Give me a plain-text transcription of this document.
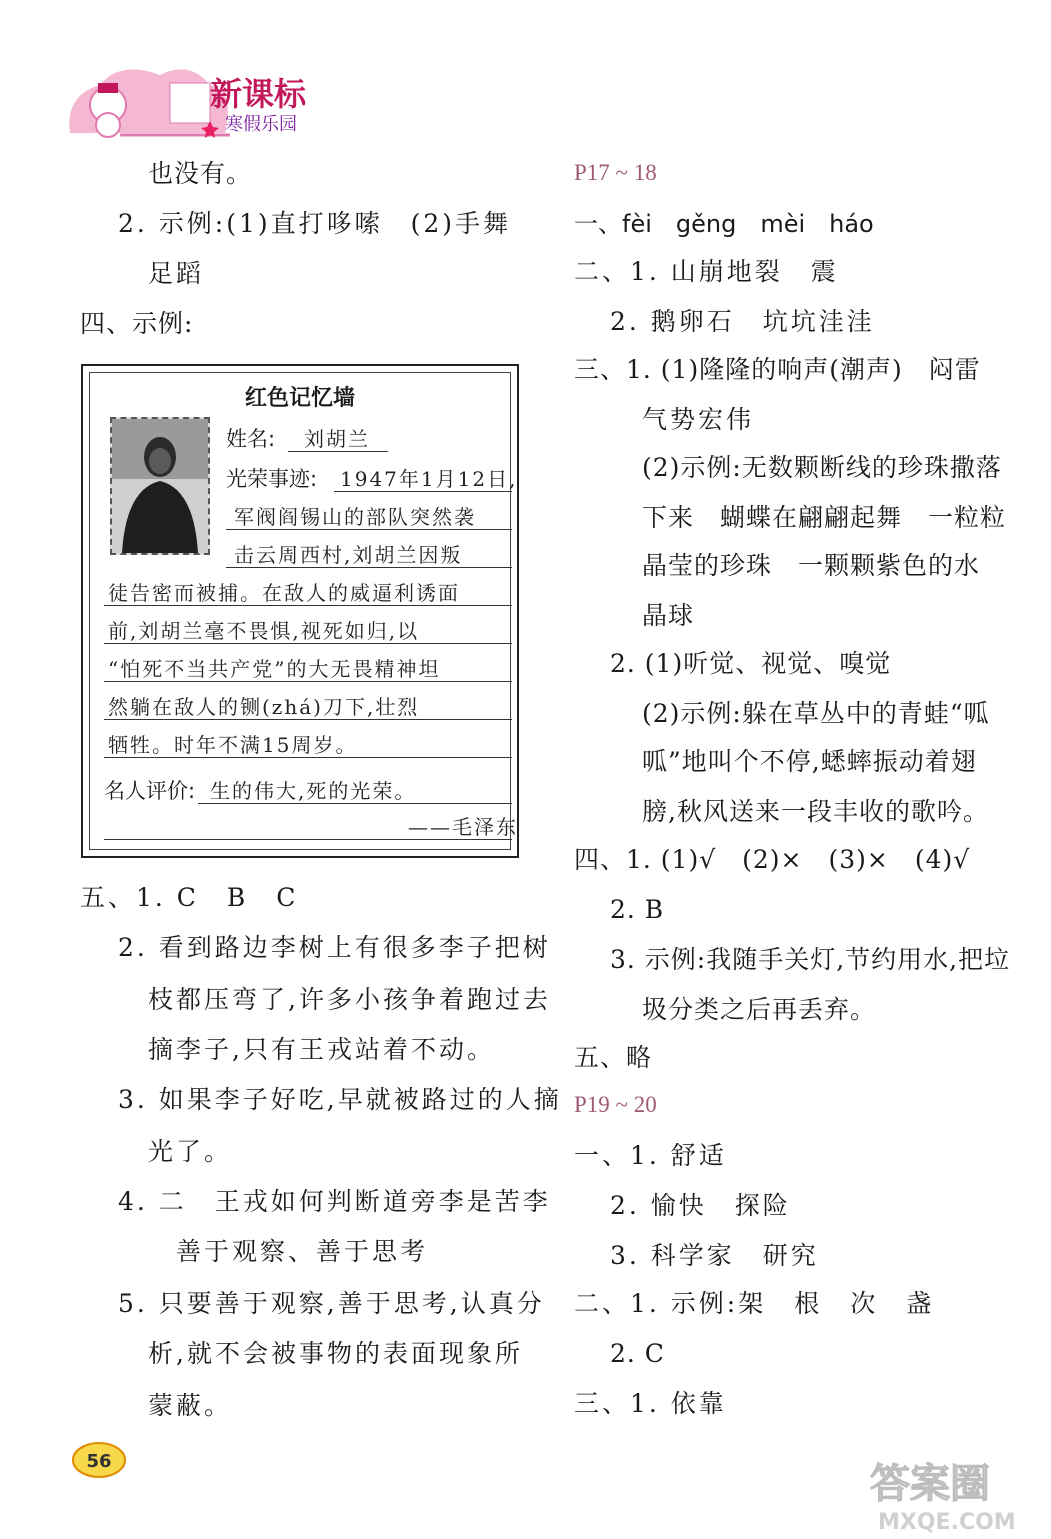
新课标
寒假乐园
也没有。
2. 示例:(1)直打哆嗦　(2)手舞
足蹈
四、示例:
红色记忆墙
姓名: 刘胡兰
光荣事迹: 1947年1月12日,
军阀阎锡山的部队突然袭
击云周西村,刘胡兰因叛
徒告密而被捕。在敌人的威逼利诱面
前,刘胡兰毫不畏惧,视死如归,以
“怕死不当共产党”的大无畏精神坦
然躺在敌人的铡(zhá)刀下,壮烈
牺牲。时年不满15周岁。
名人评价: 生的伟大,死的光荣。
——毛泽东
五、1. C　B　C
2. 看到路边李树上有很多李子把树
枝都压弯了,许多小孩争着跑过去
摘李子,只有王戎站着不动。
3. 如果李子好吃,早就被路过的人摘
光了。
4. 二　王戎如何判断道旁李是苦李
善于观察、善于思考
5. 只要善于观察,善于思考,认真分
析,就不会被事物的表面现象所
蒙蔽。
P17 ~ 18
一、fèi　gěng　mèi　háo
二、1. 山崩地裂　震
2. 鹅卵石　坑坑洼洼
三、1. (1)隆隆的响声(潮声)　闷雷
气势宏伟
(2)示例:无数颗断线的珍珠撒落
下来　蝴蝶在翩翩起舞　一粒粒
晶莹的珍珠　一颗颗紫色的水
晶球
2. (1)听觉、视觉、嗅觉
(2)示例:躲在草丛中的青蛙“呱
呱”地叫个不停,蟋蟀振动着翅
膀,秋风送来一段丰收的歌吟。
四、1. (1)√　(2)×　(3)×　(4)√
2. B
3. 示例:我随手关灯,节约用水,把垃
圾分类之后再丢弃。
五、略
P19 ~ 20
一、1. 舒适
2. 愉快　探险
3. 科学家　研究
二、1. 示例:架　根　次　盏
2. C
三、1. 依靠
56	答案圈
MXQE.COM
